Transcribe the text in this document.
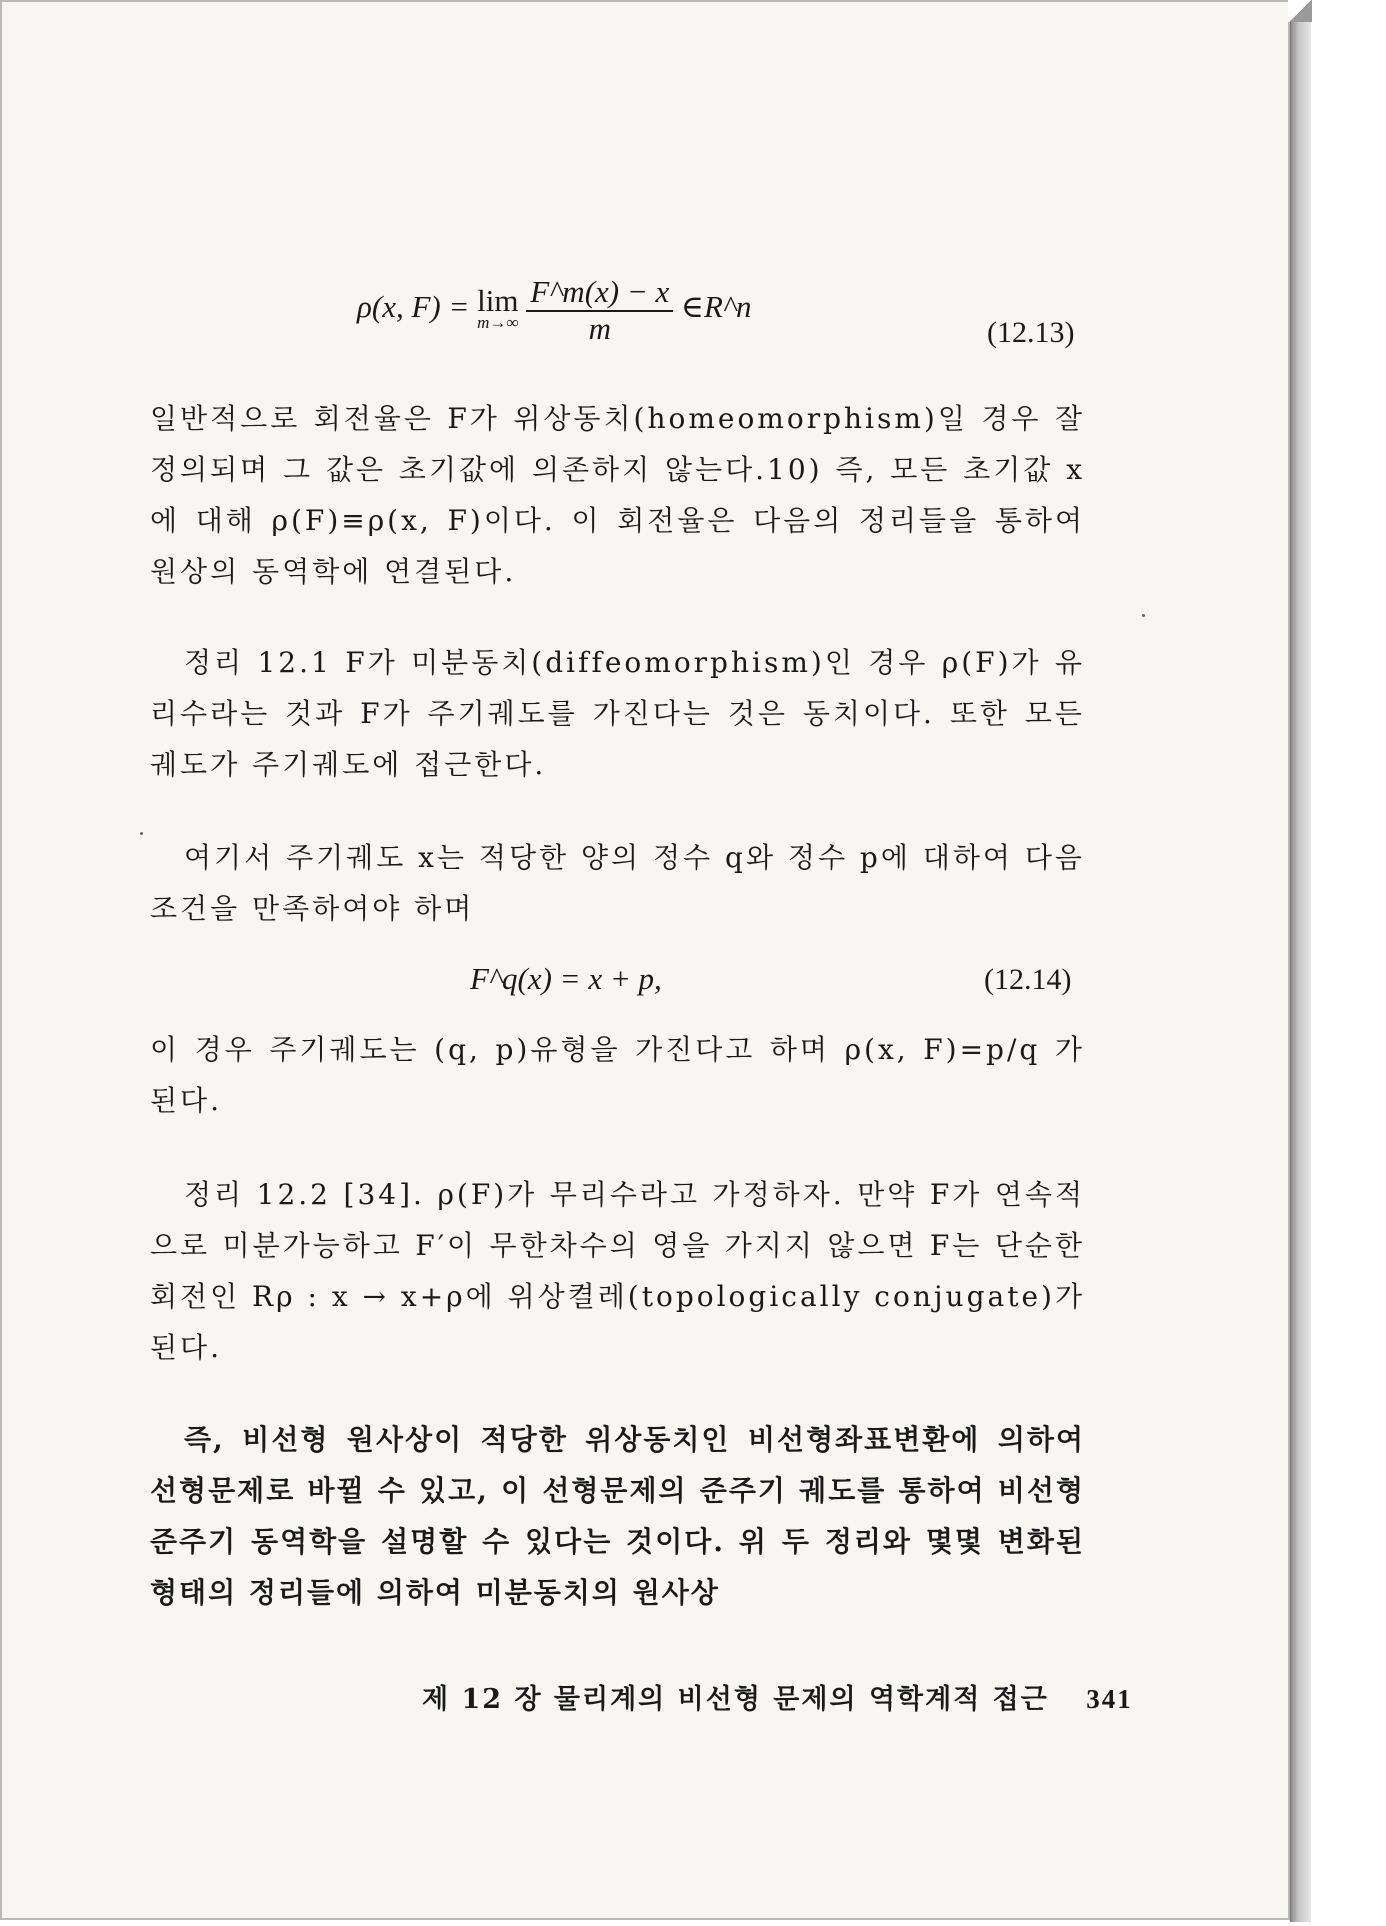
ρ(x, F) = lim
m→∞
$\frac{F\^{}m(x) - x}{m}$ ∈R^n
(12.13)
일반적으로 회전율은 F가 위상동치(homeomorphism)일 경우 잘 정의되며 그 값은 초기값에 의존하지 않는다.10) 즉, 모든 초기값 x에 대해 ρ(F)≡ρ(x, F)이다. 이 회전율은 다음의 정리들을 통하여 원상의 동역학에 연결된다.
정리 12.1 F가 미분동치(diffeomorphism)인 경우 ρ(F)가 유리수라는 것과 F가 주기궤도를 가진다는 것은 동치이다. 또한 모든 궤도가 주기궤도에 접근한다.
여기서 주기궤도 x는 적당한 양의 정수 q와 정수 p에 대하여 다음 조건을 만족하여야 하며
F^q(x) = x + p,	(12.14)
이 경우 주기궤도는 (q, p)유형을 가진다고 하며 ρ(x, F)=p/q 가 된다.
정리 12.2 [34]. ρ(F)가 무리수라고 가정하자. 만약 F가 연속적으로 미분가능하고 F′이 무한차수의 영을 가지지 않으면 F는 단순한 회전인 Rρ : x → x+ρ에 위상켤레(topologically conjugate)가 된다.
즉, 비선형 원사상이 적당한 위상동치인 비선형좌표변환에 의하여 선형문제로 바뀔 수 있고, 이 선형문제의 준주기 궤도를 통하여 비선형 준주기 동역학을 설명할 수 있다는 것이다. 위 두 정리와 몇몇 변화된 형태의 정리들에 의하여 미분동치의 원사상
제 12 장 물리계의 비선형 문제의 역학계적 접근 341
